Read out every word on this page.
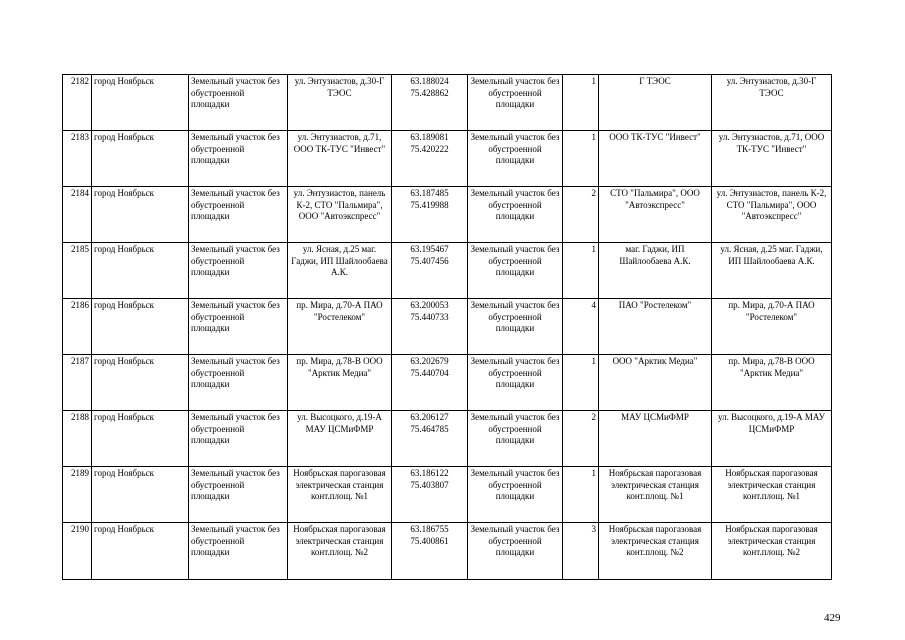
2182	город Ноябрьск	Земельный участок без обустроенной площадки	ул. Энтузиастов, д.30-Г ТЭОС	63.188024 75.428862	Земельный участок без обустроенной площадки	1	Г ТЭОС	ул. Энтузиастов, д.30-Г ТЭОС
2183	город Ноябрьск	Земельный участок без обустроенной площадки	ул. Энтузиастов, д.71, ООО ТК-ТУС "Инвест"	63.189081 75.420222	Земельный участок без обустроенной площадки	1	ООО ТК-ТУС "Инвест"	ул. Энтузиастов, д.71, ООО ТК-ТУС "Инвест"
2184	город Ноябрьск	Земельный участок без обустроенной площадки	ул. Энтузиастов, панель К-2, СТО "Пальмира", ООО "Автоэкспресс"	63.187485 75.419988	Земельный участок без обустроенной площадки	2	СТО "Пальмира", ООО "Автоэкспресс"	ул. Энтузиастов, панель К-2, СТО "Пальмира", ООО "Автоэкспресс"
2185	город Ноябрьск	Земельный участок без обустроенной площадки	ул. Ясная, д.25 маг. Гаджи, ИП Шайлообаева А.К.	63.195467 75.407456	Земельный участок без обустроенной площадки	1	маг. Гаджи, ИП Шайлообаева А.К.	ул. Ясная, д.25 маг. Гаджи, ИП Шайлообаева А.К.
2186	город Ноябрьск	Земельный участок без обустроенной площадки	пр. Мира, д.70-А ПАО "Ростелеком"	63.200053 75.440733	Земельный участок без обустроенной площадки	4	ПАО "Ростелеком"	пр. Мира, д.70-А ПАО "Ростелеком"
2187	город Ноябрьск	Земельный участок без обустроенной площадки	пр. Мира, д.78-В ООО "Арктик Медиа"	63.202679 75.440704	Земельный участок без обустроенной площадки	1	ООО "Арктик Медиа"	пр. Мира, д.78-В ООО "Арктик Медиа"
2188	город Ноябрьск	Земельный участок без обустроенной площадки	ул. Высоцкого, д.19-А МАУ ЦСМиФМР	63.206127 75.464785	Земельный участок без обустроенной площадки	2	МАУ ЦСМиФМР	ул. Высоцкого, д.19-А МАУ ЦСМиФМР
2189	город Ноябрьск	Земельный участок без обустроенной площадки	Ноябрьская парогазовая электрическая станция конт.площ. №1	63.186122 75.403807	Земельный участок без обустроенной площадки	1	Ноябрьская парогазовая электрическая станция конт.площ. №1	Ноябрьская парогазовая электрическая станция конт.площ. №1
2190	город Ноябрьск	Земельный участок без обустроенной площадки	Ноябрьская парогазовая электрическая станция конт.площ. №2	63.186755 75.400861	Земельный участок без обустроенной площадки	3	Ноябрьская парогазовая электрическая станция конт.площ. №2	Ноябрьская парогазовая электрическая станция конт.площ. №2
429
